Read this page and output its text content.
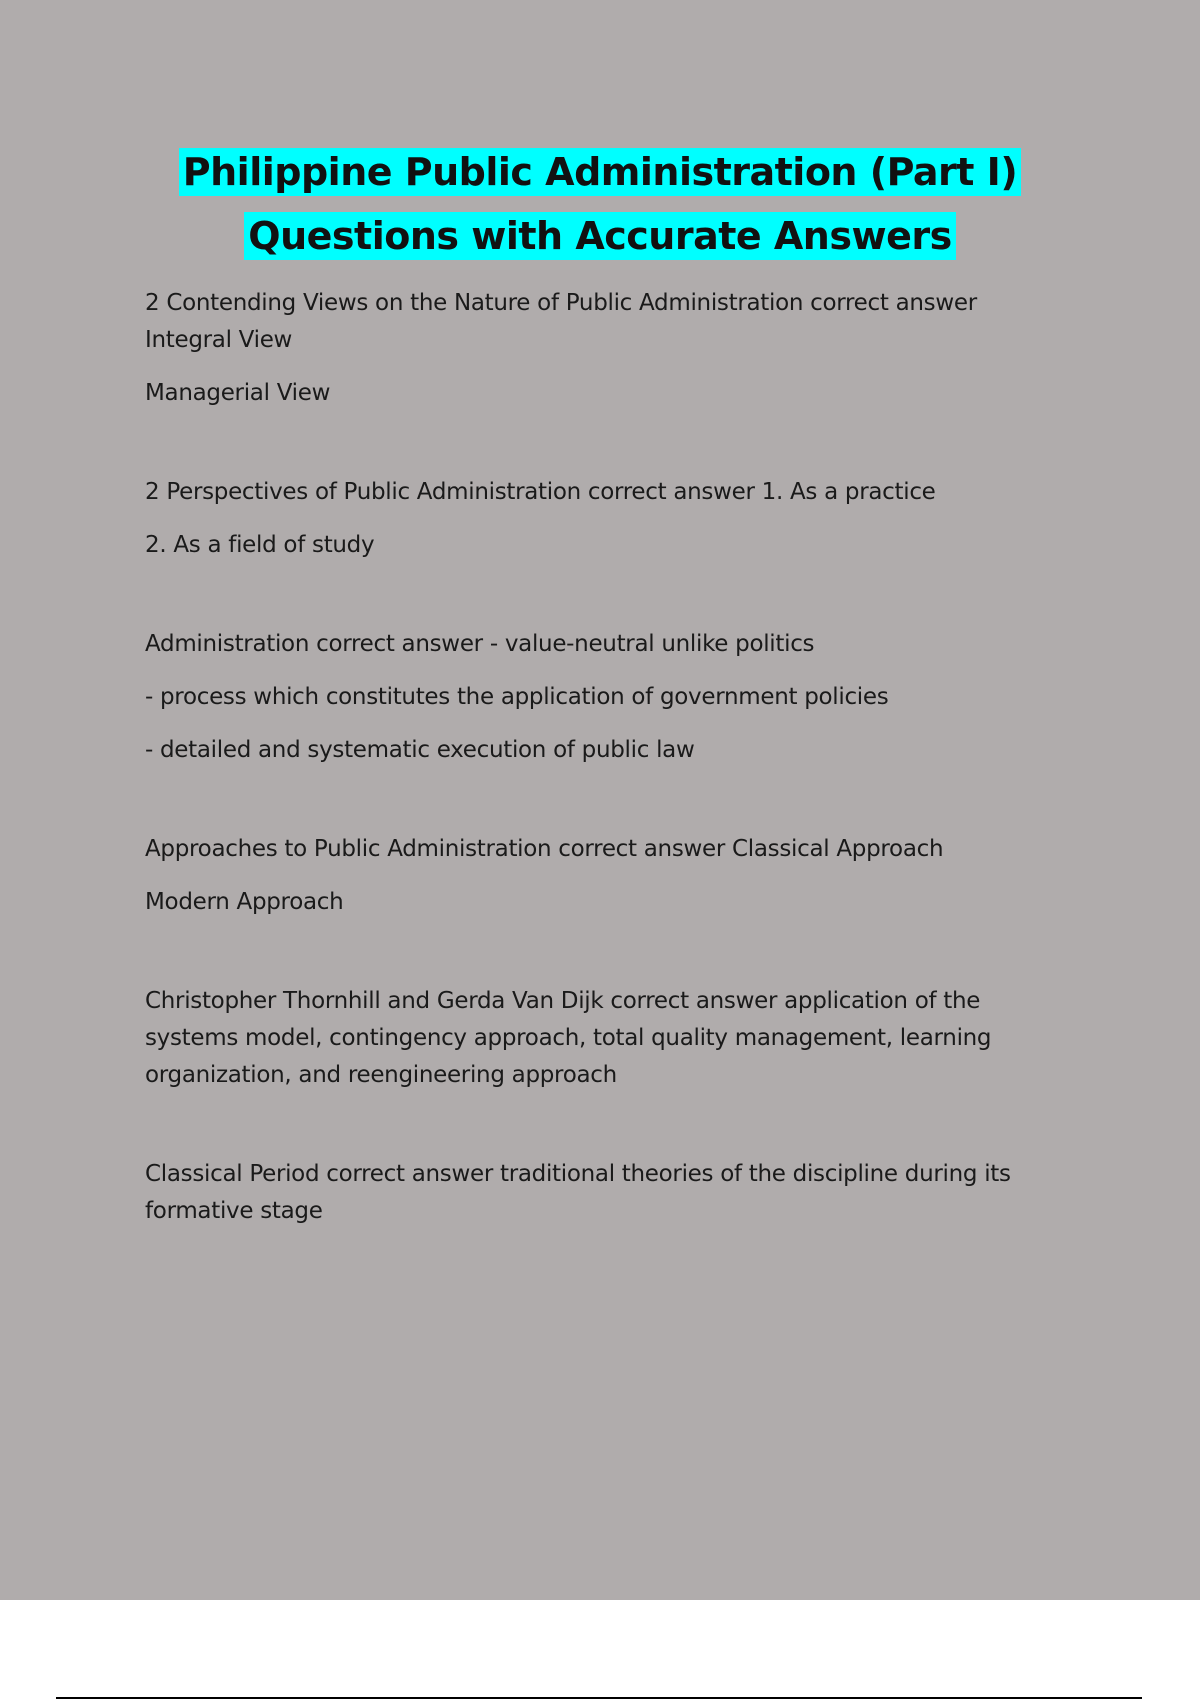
Philippine Public Administration (Part I)
Questions with Accurate Answers

2 Contending Views on the Nature of Public Administration correct answer Integral View

Managerial View

2 Perspectives of Public Administration correct answer 1. As a practice

2. As a field of study

Administration correct answer - value-neutral unlike politics

- process which constitutes the application of government policies

- detailed and systematic execution of public law

Approaches to Public Administration correct answer Classical Approach

Modern Approach

Christopher Thornhill and Gerda Van Dijk correct answer application of the systems model, contingency approach, total quality management, learning organization, and reengineering approach

Classical Period correct answer traditional theories of the discipline during its formative stage
